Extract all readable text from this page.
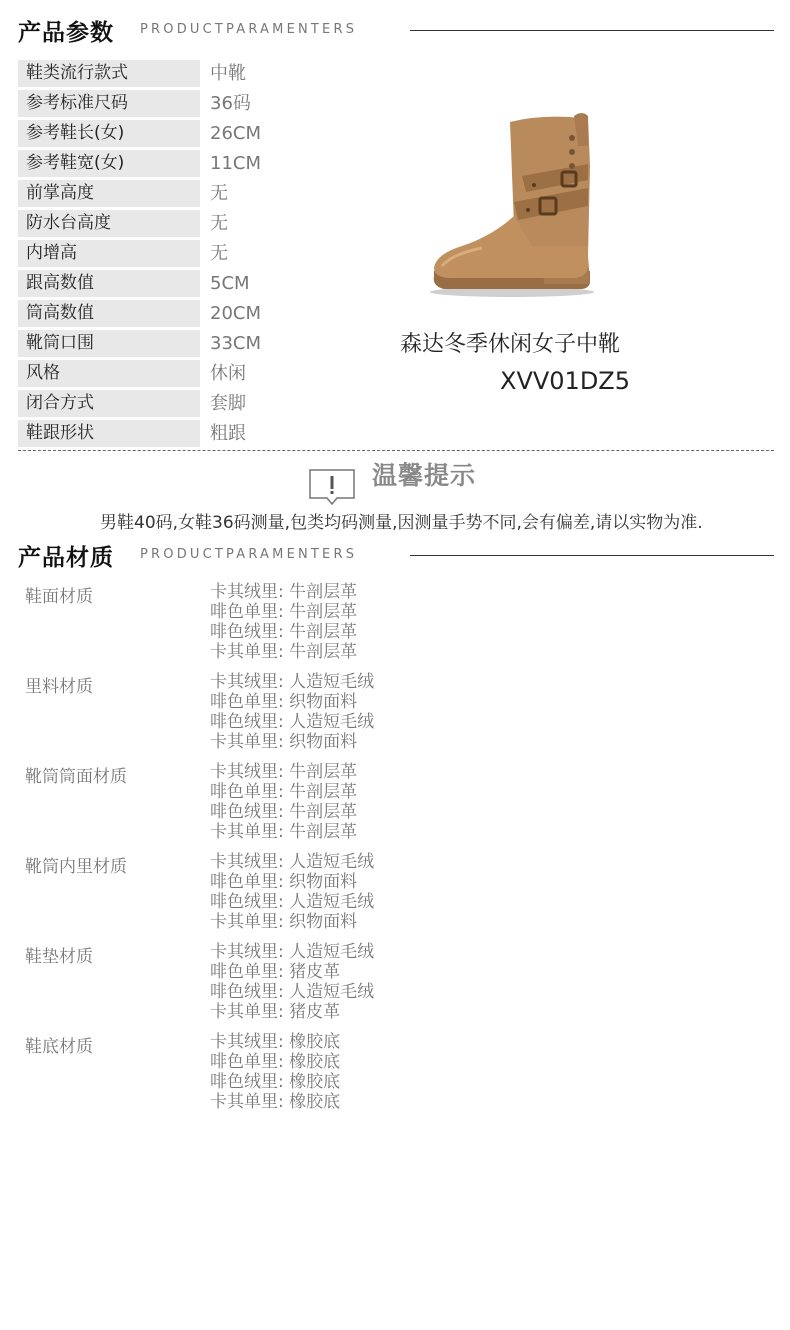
产品参数 PRODUCTPARAMENTERS
鞋类流行款式	中靴
参考标准尺码	36码
参考鞋长(女)	26CM
参考鞋宽(女)	11CM
前掌高度	无
防水台高度	无
内增高	无
跟高数值	5CM
筒高数值	20CM
靴筒口围	33CM
风格	休闲
闭合方式	套脚
鞋跟形状	粗跟
森达冬季休闲女子中靴
XVV01DZ5
温馨提示
男鞋40码,女鞋36码测量,包类均码测量,因测量手势不同,会有偏差,请以实物为准.
产品材质 PRODUCTPARAMENTERS
鞋面材质	卡其绒里: 牛剖层革
啡色单里: 牛剖层革
啡色绒里: 牛剖层革
卡其单里: 牛剖层革
里料材质	卡其绒里: 人造短毛绒
啡色单里: 织物面料
啡色绒里: 人造短毛绒
卡其单里: 织物面料
靴筒筒面材质	卡其绒里: 牛剖层革
啡色单里: 牛剖层革
啡色绒里: 牛剖层革
卡其单里: 牛剖层革
靴筒内里材质	卡其绒里: 人造短毛绒
啡色单里: 织物面料
啡色绒里: 人造短毛绒
卡其单里: 织物面料
鞋垫材质	卡其绒里: 人造短毛绒
啡色单里: 猪皮革
啡色绒里: 人造短毛绒
卡其单里: 猪皮革
鞋底材质	卡其绒里: 橡胶底
啡色单里: 橡胶底
啡色绒里: 橡胶底
卡其单里: 橡胶底
